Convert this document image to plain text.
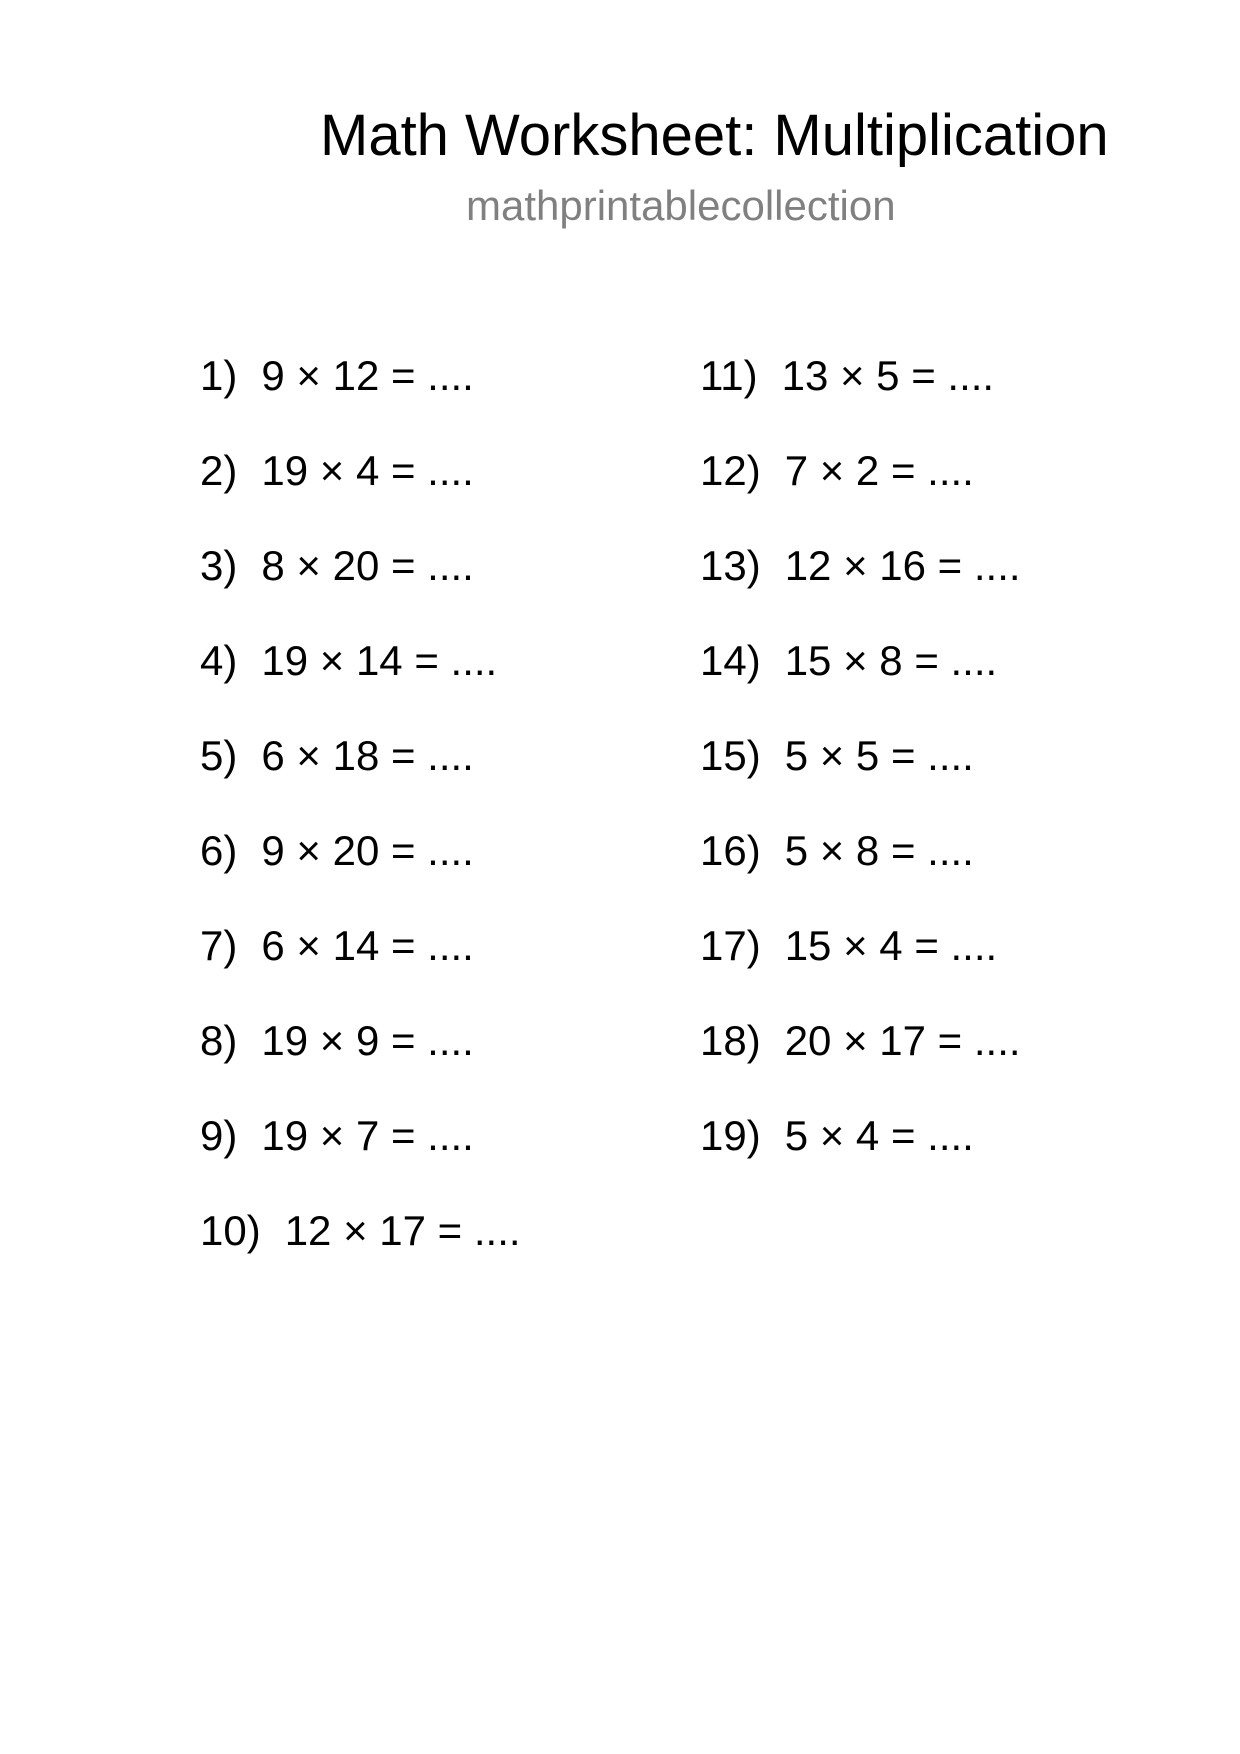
Math Worksheet: Multiplication
mathprintablecollection
1) 9 × 12 = ....
2) 19 × 4 = ....
3) 8 × 20 = ....
4) 19 × 14 = ....
5) 6 × 18 = ....
6) 9 × 20 = ....
7) 6 × 14 = ....
8) 19 × 9 = ....
9) 19 × 7 = ....
10) 12 × 17 = ....
11) 13 × 5 = ....
12) 7 × 2 = ....
13) 12 × 16 = ....
14) 15 × 8 = ....
15) 5 × 5 = ....
16) 5 × 8 = ....
17) 15 × 4 = ....
18) 20 × 17 = ....
19) 5 × 4 = ....
